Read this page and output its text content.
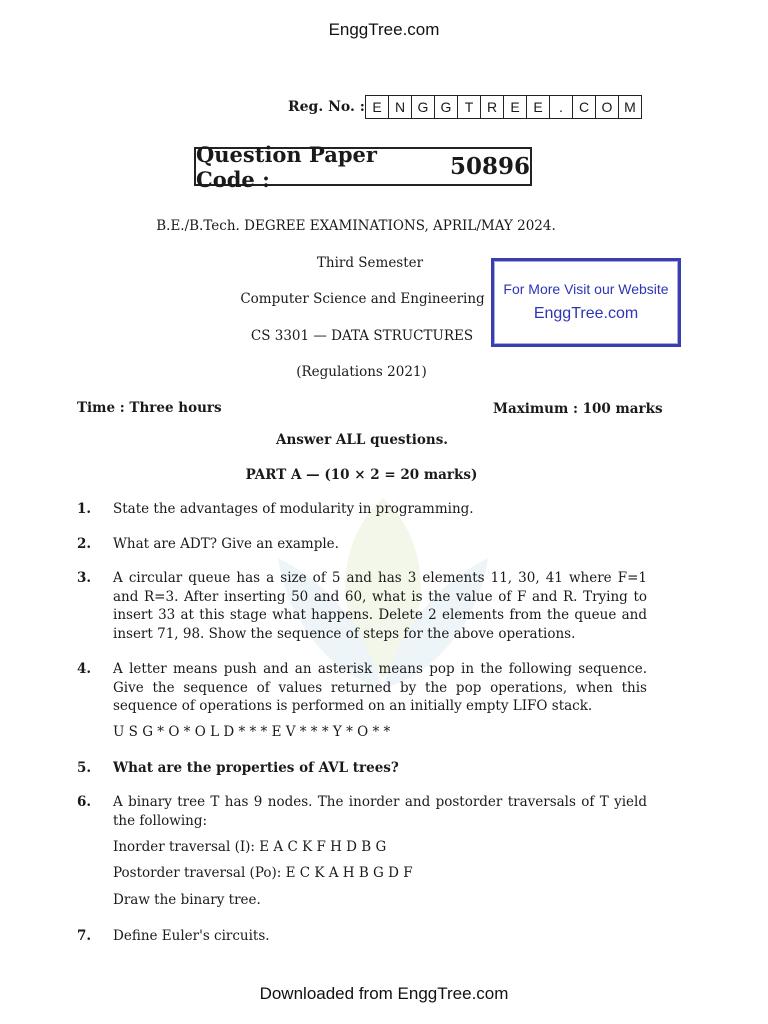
EnggTree.com
Reg. No. : E N G G T R E E	.	C O M
Question Paper Code :	50896
B.E./B.Tech. DEGREE EXAMINATIONS, APRIL/MAY 2024.
Third Semester
Computer Science and Engineering
CS 3301 — DATA STRUCTURES
(Regulations 2021)
For More Visit our Website
EnggTree.com
Time : Three hours	Maximum : 100 marks
Answer ALL questions.
PART A — (10 × 2 = 20 marks)
1. State the advantages of modularity in programming.
2. What are ADT? Give an example.
3. A circular queue has a size of 5 and has 3 elements 11, 30, 41 where F=1 and R=3. After inserting 50 and 60, what is the value of F and R. Trying to insert 33 at this stage what happens. Delete 2 elements from the queue and insert 71, 98. Show the sequence of steps for the above operations.
4. A letter means push and an asterisk means pop in the following sequence. Give the sequence of values returned by the pop operations, when this sequence of operations is performed on an initially empty LIFO stack.
U S G * O * O L D * * * E V * * * Y * O * *
5. What are the properties of AVL trees?
6. A binary tree T has 9 nodes. The inorder and postorder traversals of T yield the following:
Inorder traversal (I): E A C K F H D B G
Postorder traversal (Po): E C K A H B G D F
Draw the binary tree.
7. Define Euler's circuits.
Downloaded from EnggTree.com
